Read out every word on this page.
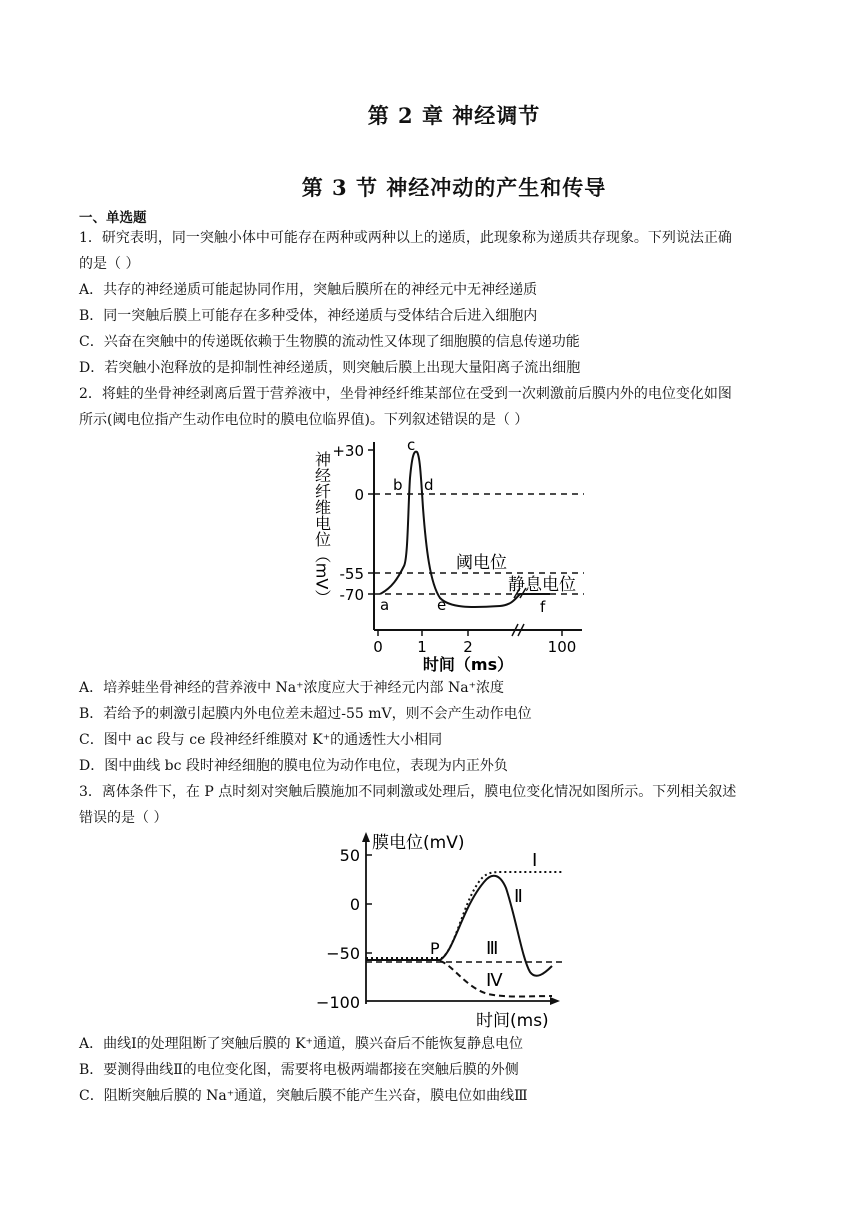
第 2 章 神经调节
第 3 节 神经冲动的产生和传导
一、单选题
1．研究表明，同一突触小体中可能存在两种或两种以上的递质，此现象称为递质共存现象。下列说法正确
的是（ ）
A．共存的神经递质可能起协同作用，突触后膜所在的神经元中无神经递质
B．同一突触后膜上可能存在多种受体，神经递质与受体结合后进入细胞内
C．兴奋在突触中的传递既依赖于生物膜的流动性又体现了细胞膜的信息传递功能
D．若突触小泡释放的是抑制性神经递质，则突触后膜上出现大量阳离子流出细胞
2．将蛙的坐骨神经剥离后置于营养液中，坐骨神经纤维某部位在受到一次刺激前后膜内外的电位变化如图
所示(阈电位指产生动作电位时的膜电位临界值)。下列叙述错误的是（ ）
神经纤维电位（mV） +30
0
-55
-70
0 1 2	100
时间（ms）
a
b
c
d
e	f
阈电位
静息电位
A．培养蛙坐骨神经的营养液中 Na⁺浓度应大于神经元内部 Na⁺浓度
B．若给予的刺激引起膜内外电位差未超过-55 mV，则不会产生动作电位
C．图中 ac 段与 ce 段神经纤维膜对 K⁺的通透性大小相同
D．图中曲线 bc 段时神经细胞的膜电位为动作电位，表现为内正外负
3．离体条件下，在 P 点时刻对突触后膜施加不同刺激或处理后，膜电位变化情况如图所示。下列相关叙述
错误的是（ ）
50
0
−50
−100
膜电位(mV)
时间(ms)
P
Ⅰ
Ⅱ
Ⅲ
Ⅳ
A．曲线Ⅰ的处理阻断了突触后膜的 K⁺通道，膜兴奋后不能恢复静息电位
B．要测得曲线Ⅱ的电位变化图，需要将电极两端都接在突触后膜的外侧
C．阻断突触后膜的 Na⁺通道，突触后膜不能产生兴奋，膜电位如曲线Ⅲ
